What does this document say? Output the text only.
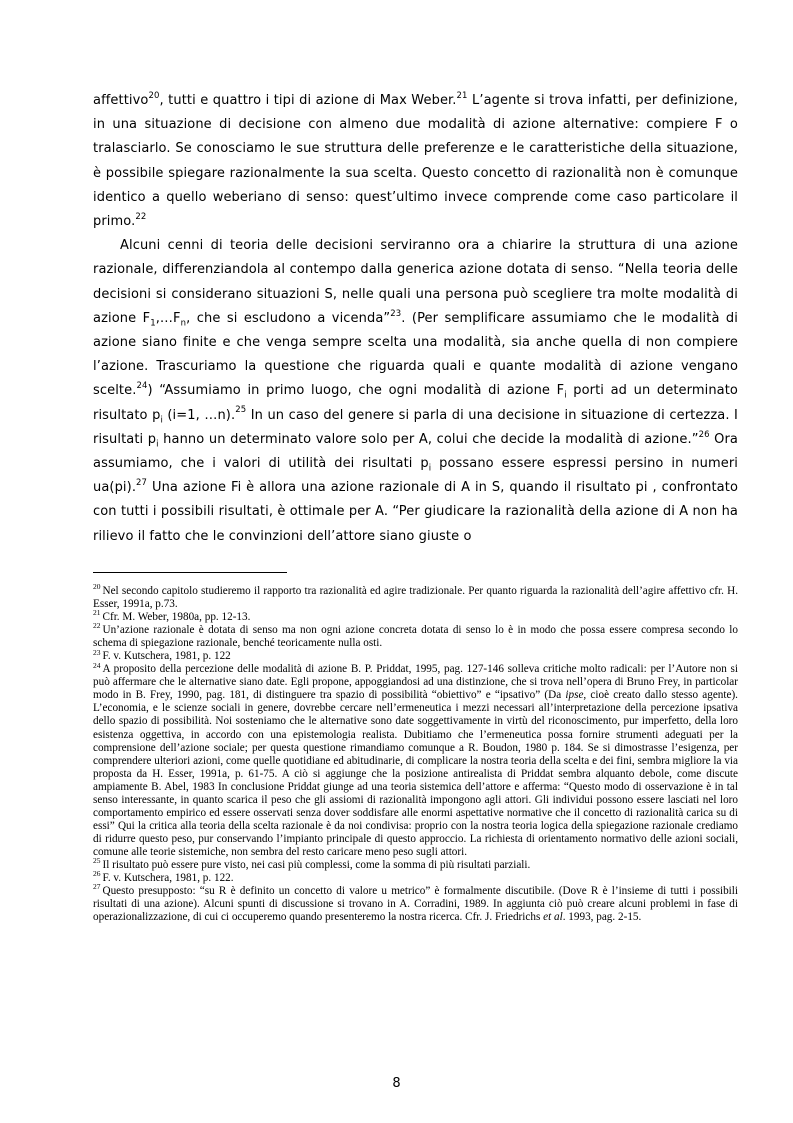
affettivo$^{20}$, tutti e quattro i tipi di azione di Max Weber.$^{21}$ L’agente si trova infatti, per definizione, in una situazione di decisione con almeno due modalità di azione alternative: compiere F o tralasciarlo. Se conosciamo le sue struttura delle preferenze e le caratteristiche della situazione, è possibile spiegare razionalmente la sua scelta. Questo concetto di razionalità non è comunque identico a quello weberiano di senso: quest’ultimo invece comprende come caso particolare il primo.$^{22}$

Alcuni cenni di teoria delle decisioni serviranno ora a chiarire la struttura di una azione razionale, differenziandola al contempo dalla generica azione dotata di senso. “Nella teoria delle decisioni si considerano situazioni S, nelle quali una persona può scegliere tra molte modalità di azione $F_1,\dots F_n$, che si escludono a vicenda”$^{23}$. (Per semplificare assumiamo che le modalità di azione siano finite e che venga sempre scelta una modalità, sia anche quella di non compiere l’azione. Trascuriamo la questione che riguarda quali e quante modalità di azione vengano scelte.$^{24}$) “Assumiamo in primo luogo, che ogni modalità di azione $F_i$ porti ad un determinato risultato $p_i$ (i=1, …n).$^{25}$ In un caso del genere si parla di una decisione in situazione di certezza. I risultati $p_i$ hanno un determinato valore solo per A, colui che decide la modalità di azione.”$^{26}$ Ora assumiamo, che i valori di utilità dei risultati $p_i$ possano essere espressi persino in numeri ua(pi).$^{27}$ Una azione Fi è allora una azione razionale di A in S, quando il risultato pi , confrontato con tutti i possibili risultati, è ottimale per A. “Per giudicare la razionalità della azione di A non ha rilievo il fatto che le convinzioni dell’attore siano giuste o

$^{20}$ Nel secondo capitolo studieremo il rapporto tra razionalità ed agire tradizionale. Per quanto riguarda la razionalità dell’agire affettivo cfr. H. Esser, 1991a, p.73.

$^{21}$ Cfr. M. Weber, 1980a, pp. 12-13.

$^{22}$ Un’azione razionale è dotata di senso ma non ogni azione concreta dotata di senso lo è in modo che possa essere compresa secondo lo schema di spiegazione razionale, benché teoricamente nulla osti.

$^{23}$ F. v. Kutschera, 1981, p. 122

$^{24}$ A proposito della percezione delle modalità di azione B. P. Priddat, 1995, pag. 127-146 solleva critiche molto radicali: per l’Autore non si può affermare che le alternative siano date. Egli propone, appoggiandosi ad una distinzione, che si trova nell’opera di Bruno Frey, in particolar modo in B. Frey, 1990, pag. 181, di distinguere tra spazio di possibilità “obiettivo” e “ipsativo” (Da ipse, cioè creato dallo stesso agente). L’economia, e le scienze sociali in genere, dovrebbe cercare nell’ermeneutica i mezzi necessari all’interpretazione della percezione ipsativa dello spazio di possibilità. Noi sosteniamo che le alternative sono date soggettivamente in virtù del riconoscimento, pur imperfetto, della loro esistenza oggettiva, in accordo con una epistemologia realista. Dubitiamo che l’ermeneutica possa fornire strumenti adeguati per la comprensione dell’azione sociale; per questa questione rimandiamo comunque a R. Boudon, 1980 p. 184. Se si dimostrasse l’esigenza, per comprendere ulteriori azioni, come quelle quotidiane ed abitudinarie, di complicare la nostra teoria della scelta e dei fini, sembra migliore la via proposta da H. Esser, 1991a, p. 61-75. A ciò si aggiunge che la posizione antirealista di Priddat sembra alquanto debole, come discute ampiamente B. Abel, 1983 In conclusione Priddat giunge ad una teoria sistemica dell’attore e afferma: “Questo modo di osservazione è in tal senso interessante, in quanto scarica il peso che gli assiomi di razionalità impongono agli attori. Gli individui possono essere lasciati nel loro comportamento empirico ed essere osservati senza dover soddisfare alle enormi aspettative normative che il concetto di razionalità carica su di essi” Qui la critica alla teoria della scelta razionale è da noi condivisa: proprio con la nostra teoria logica della spiegazione razionale crediamo di ridurre questo peso, pur conservando l’impianto principale di questo approccio. La richiesta di orientamento normativo delle azioni sociali, comune alle teorie sistemiche, non sembra del resto caricare meno peso sugli attori.

$^{25}$ Il risultato può essere pure visto, nei casi più complessi, come la somma di più risultati parziali.

$^{26}$ F. v. Kutschera, 1981, p. 122.

$^{27}$ Questo presupposto: “su R è definito un concetto di valore u metrico” è formalmente discutibile. (Dove R è l’insieme di tutti i possibili risultati di una azione). Alcuni spunti di discussione si trovano in A. Corradini, 1989. In aggiunta ciò può creare alcuni problemi in fase di operazionalizzazione, di cui ci occuperemo quando presenteremo la nostra ricerca. Cfr. J. Friedrichs et al. 1993, pag. 2-15.

8
